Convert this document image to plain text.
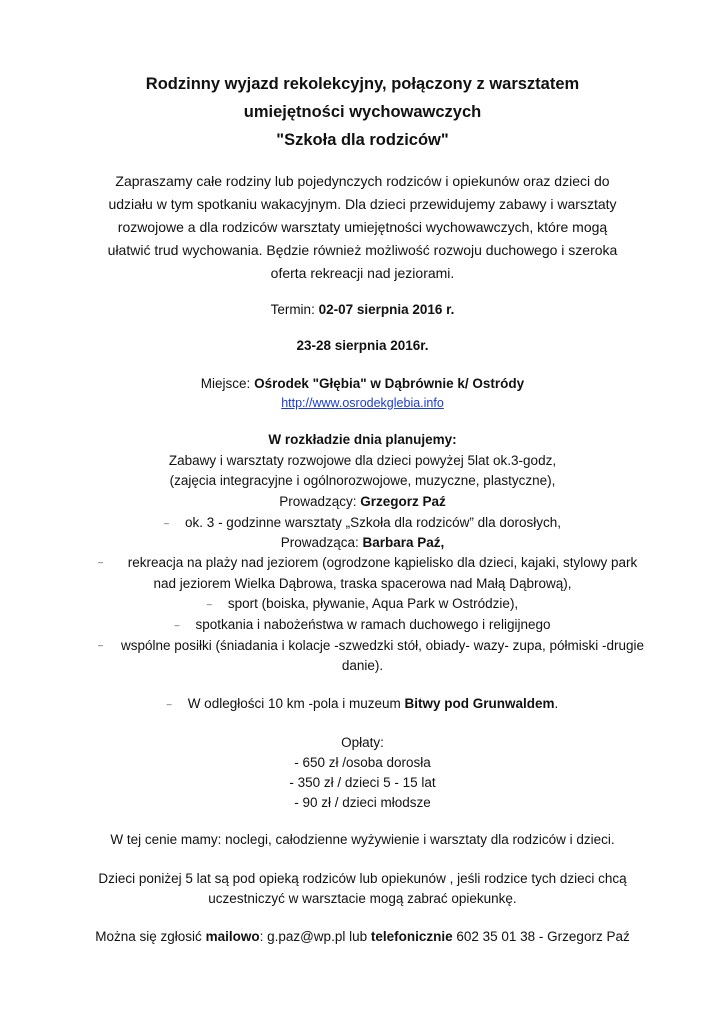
Rodzinny wyjazd rekolekcyjny, połączony z warsztatem
umiejętności wychowawczych
"Szkoła dla rodziców"
Zapraszamy całe rodziny lub pojedynczych rodziców i opiekunów oraz dzieci do
udziału w tym spotkaniu wakacyjnym. Dla dzieci przewidujemy zabawy i warsztaty
rozwojowe a dla rodziców warsztaty umiejętności wychowawczych, które mogą
ułatwić trud wychowania. Będzie również możliwość rozwoju duchowego i szeroka
oferta rekreacji nad jeziorami.
Termin: 02-07 sierpnia 2016 r.
23-28 sierpnia 2016r.
Miejsce: Ośrodek "Głębia" w Dąbrównie k/ Ostródy
http://www.osrodekglebia.info
W rozkładzie dnia planujemy:
Zabawy i warsztaty rozwojowe dla dzieci powyżej 5lat ok.3-godz,
(zajęcia integracyjne i ogólnorozwojowe, muzyczne, plastyczne),
Prowadzący: Grzegorz Paź
– ok. 3 - godzinne warsztaty „Szkoła dla rodziców” dla dorosłych,
Prowadząca: Barbara Paź,
–	rekreacja na plaży nad jeziorem (ogrodzone kąpielisko dla dzieci, kajaki, stylowy park
nad jeziorem Wielka Dąbrowa, traska spacerowa nad Małą Dąbrową),
– sport (boiska, pływanie, Aqua Park w Ostródzie),
– spotkania i nabożeństwa w ramach duchowego i religijnego
–	wspólne posiłki (śniadania i kolacje -szwedzki stół, obiady- wazy- zupa, półmiski -drugie
danie).
– W odległości 10 km -pola i muzeum Bitwy pod Grunwaldem.
Opłaty:
- 650 zł /osoba dorosła
- 350 zł / dzieci 5 - 15 lat
- 90 zł / dzieci młodsze
W tej cenie mamy: noclegi, całodzienne wyżywienie i warsztaty dla rodziców i dzieci.
Dzieci poniżej 5 lat są pod opieką rodziców lub opiekunów , jeśli rodzice tych dzieci chcą
uczestniczyć w warsztacie mogą zabrać opiekunkę.
Można się zgłosić mailowo: g.paz@wp.pl lub telefonicznie 602 35 01 38 - Grzegorz Paź
